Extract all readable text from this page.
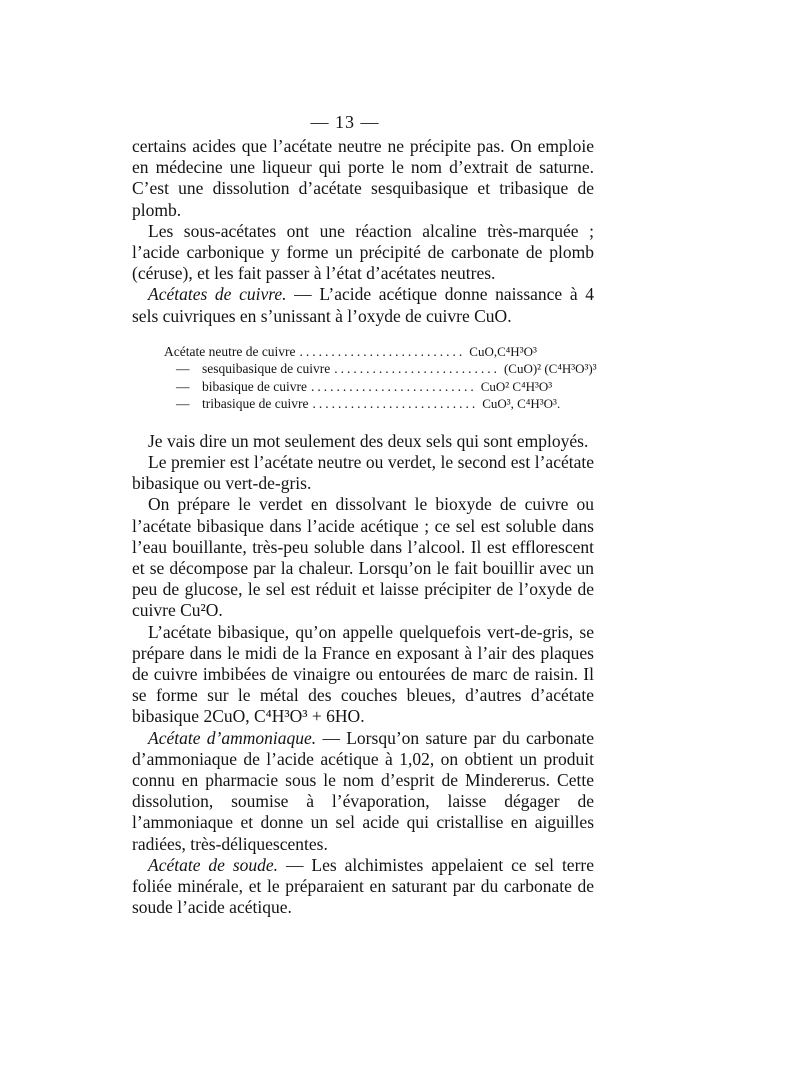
— 13 —

certains acides que l’acétate neutre ne précipite pas. On emploie en médecine une liqueur qui porte le nom d’extrait de saturne. C’est une dissolution d’acétate sesquibasique et tribasique de plomb.

Les sous-acétates ont une réaction alcaline très-marquée ; l’acide carbonique y forme un précipité de carbonate de plomb (céruse), et les fait passer à l’état d’acétates neutres.

Acétates de cuivre. — L’acide acétique donne naissance à 4 sels cuivriques en s’unissant à l’oxyde de cuivre CuO.

Acétate neutre de cuivre .......................... CuO,C⁴H³O³
— sesquibasique de cuivre .......................... (CuO)² (C⁴H³O³)³
— bibasique de cuivre .......................... CuO² C⁴H³O³
— tribasique de cuivre .......................... CuO³, C⁴H³O³.

Je vais dire un mot seulement des deux sels qui sont employés.

Le premier est l’acétate neutre ou verdet, le second est l’acétate bibasique ou vert-de-gris.

On prépare le verdet en dissolvant le bioxyde de cuivre ou l’acétate bibasique dans l’acide acétique ; ce sel est soluble dans l’eau bouillante, très-peu soluble dans l’alcool. Il est efflorescent et se décompose par la chaleur. Lorsqu’on le fait bouillir avec un peu de glucose, le sel est réduit et laisse précipiter de l’oxyde de cuivre Cu²O.

L’acétate bibasique, qu’on appelle quelquefois vert-de-gris, se prépare dans le midi de la France en exposant à l’air des plaques de cuivre imbibées de vinaigre ou entourées de marc de raisin. Il se forme sur le métal des couches bleues, d’autres d’acétate bibasique 2CuO, C⁴H³O³ + 6HO.

Acétate d’ammoniaque. — Lorsqu’on sature par du carbonate d’ammoniaque de l’acide acétique à 1,02, on obtient un produit connu en pharmacie sous le nom d’esprit de Mindererus. Cette dissolution, soumise à l’évaporation, laisse dégager de l’ammoniaque et donne un sel acide qui cristallise en aiguilles radiées, très-déliquescentes.

Acétate de soude. — Les alchimistes appelaient ce sel terre foliée minérale, et le préparaient en saturant par du carbonate de soude l’acide acétique.
